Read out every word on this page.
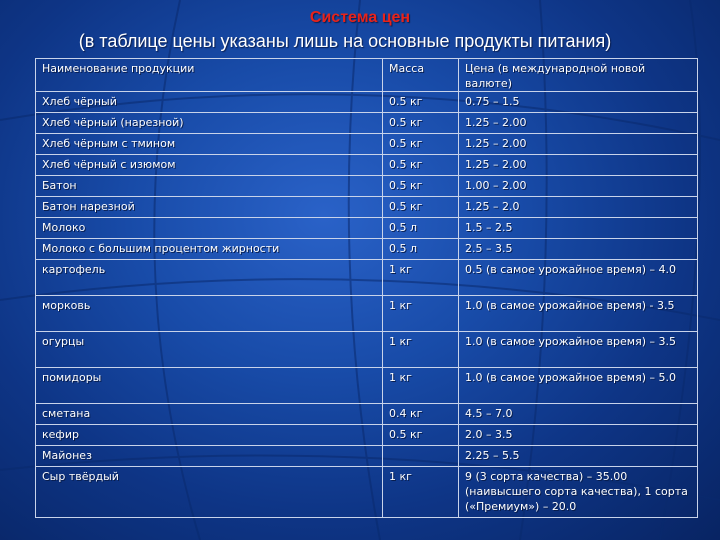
Система цен
(в таблице цены указаны лишь на основные продукты питания)
Наименование продукции	Масса	Цена (в международной новой валюте)
Хлеб чёрный	0.5 кг	0.75 – 1.5
Хлеб чёрный (нарезной)	0.5 кг	1.25 – 2.00
Хлеб чёрным с тмином	0.5 кг	1.25 – 2.00
Хлеб чёрный с изюмом	0.5 кг	1.25 – 2.00
Батон	0.5 кг	1.00 – 2.00
Батон нарезной	0.5 кг	1.25 – 2.0
Молоко	0.5 л	1.5 – 2.5
Молоко с большим процентом жирности	0.5 л	2.5 – 3.5
картофель	1 кг	0.5 (в самое урожайное время) – 4.0
морковь	1 кг	1.0 (в самое урожайное время) - 3.5
огурцы	1 кг	1.0 (в самое урожайное время) – 3.5
помидоры	1 кг	1.0 (в самое урожайное время) – 5.0
сметана	0.4 кг	4.5 – 7.0
кефир	0.5 кг	2.0 – 3.5
Майонез		2.25 – 5.5
Сыр твёрдый	1 кг	9 (3 сорта качества) – 35.00 (наивысшего сорта качества), 1 сорта («Премиум») – 20.0
